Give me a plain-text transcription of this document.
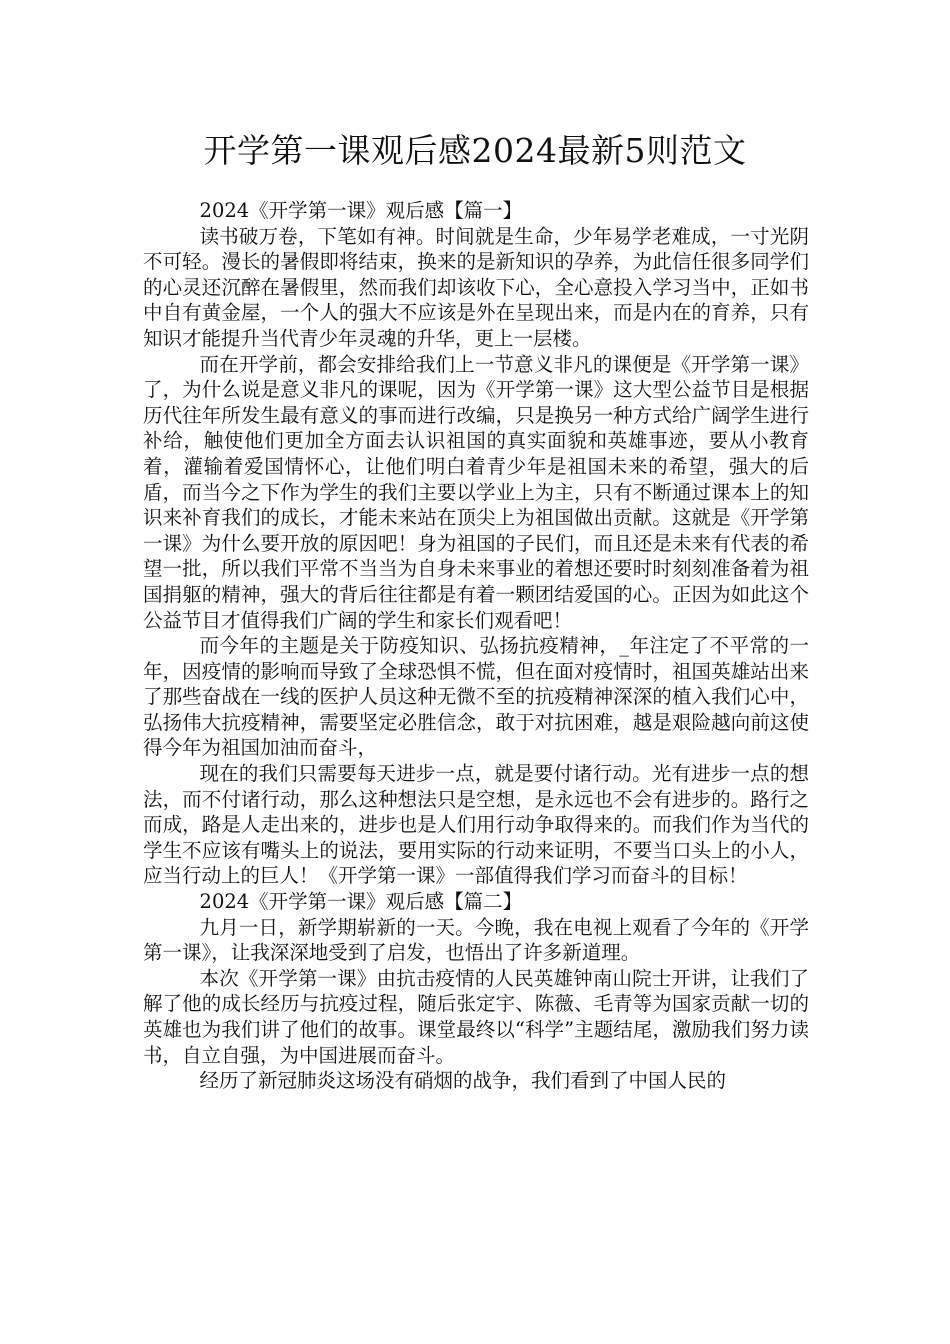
开学第一课观后感2024最新5则范文

2024《开学第一课》观后感【篇一】

读书破万卷，下笔如有神。时间就是生命，少年易学老难成，一寸光阴不可轻。漫长的暑假即将结束，换来的是新知识的孕养，为此信任很多同学们的心灵还沉醉在暑假里，然而我们却该收下心，全心意投入学习当中，正如书中自有黄金屋，一个人的强大不应该是外在呈现出来，而是内在的育养，只有知识才能提升当代青少年灵魂的升华，更上一层楼。

而在开学前，都会安排给我们上一节意义非凡的课便是《开学第一课》了，为什么说是意义非凡的课呢，因为《开学第一课》这大型公益节目是根据历代往年所发生最有意义的事而进行改编，只是换另一种方式给广阔学生进行补给，触使他们更加全方面去认识祖国的真实面貌和英雄事迹，要从小教育着，灌输着爱国情怀心，让他们明白着青少年是祖国未来的希望，强大的后盾，而当今之下作为学生的我们主要以学业上为主，只有不断通过课本上的知识来补育我们的成长，才能未来站在顶尖上为祖国做出贡献。这就是《开学第一课》为什么要开放的原因吧！身为祖国的子民们，而且还是未来有代表的希望一批，所以我们平常不当当为自身未来事业的着想还要时时刻刻准备着为祖国捐躯的精神，强大的背后往往都是有着一颗团结爱国的心。正因为如此这个公益节目才值得我们广阔的学生和家长们观看吧！

而今年的主题是关于防疫知识、弘扬抗疫精神，_年注定了不平常的一年，因疫情的影响而导致了全球恐惧不慌，但在面对疫情时，祖国英雄站出来了那些奋战在一线的医护人员这种无微不至的抗疫精神深深的植入我们心中，弘扬伟大抗疫精神，需要坚定必胜信念，敢于对抗困难，越是艰险越向前这使得今年为祖国加油而奋斗，

现在的我们只需要每天进步一点，就是要付诸行动。光有进步一点的想法，而不付诸行动，那么这种想法只是空想，是永远也不会有进步的。路行之而成，路是人走出来的，进步也是人们用行动争取得来的。而我们作为当代的学生不应该有嘴头上的说法，要用实际的行动来证明，不要当口头上的小人，应当行动上的巨人！《开学第一课》一部值得我们学习而奋斗的目标！

2024《开学第一课》观后感【篇二】

九月一日，新学期崭新的一天。今晚，我在电视上观看了今年的《开学第一课》，让我深深地受到了启发，也悟出了许多新道理。

本次《开学第一课》由抗击疫情的人民英雄钟南山院士开讲，让我们了解了他的成长经历与抗疫过程，随后张定宇、陈薇、毛青等为国家贡献一切的英雄也为我们讲了他们的故事。课堂最终以“科学”主题结尾，激励我们努力读书，自立自强，为中国进展而奋斗。

经历了新冠肺炎这场没有硝烟的战争，我们看到了中国人民的
